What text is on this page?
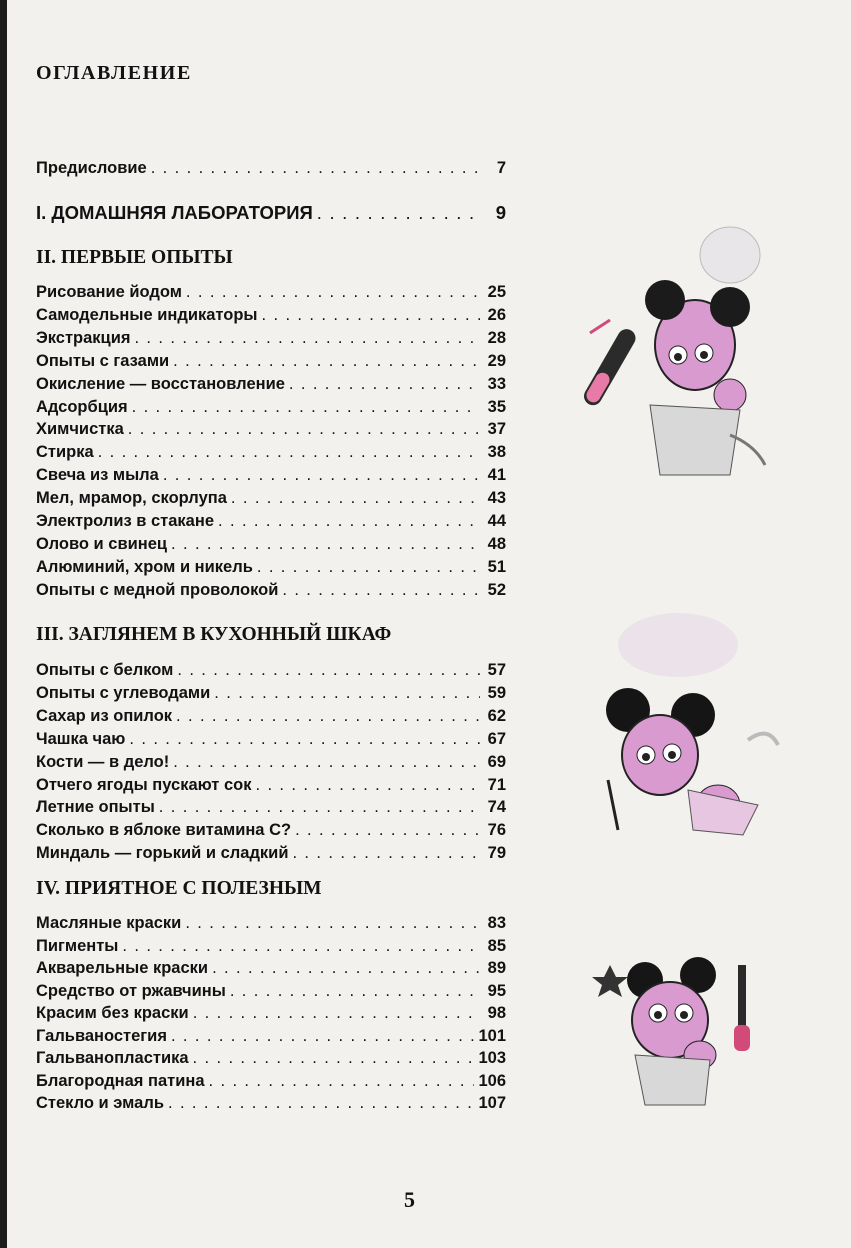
ОГЛАВЛЕНИЕ
Предисловие . . .	7
I. ДОМАШНЯЯ ЛАБОРАТОРИЯ . . .	9
II. ПЕРВЫЕ ОПЫТЫ
Рисование йодом . . .	25
Самодельные индикаторы . . .	26
Экстракция . . .	28
Опыты с газами . . .	29
Окисление — восстановление . . .	33
Адсорбция . . .	35
Химчистка . . .	37
Стирка . . .	38
Свеча из мыла . . .	41
Мел, мрамор, скорлупа . . .	43
Электролиз в стакане . . .	44
Олово и свинец . . .	48
Алюминий, хром и никель . . .	51
Опыты с медной проволокой . . .	52
III. ЗАГЛЯНЕМ В КУХОННЫЙ ШКАФ
Опыты с белком . . .	57
Опыты с углеводами . . .	59
Сахар из опилок . . .	62
Чашка чаю . . .	67
Кости — в дело! . . .	69
Отчего ягоды пускают сок . . .	71
Летние опыты . . .	74
Сколько в яблоке витамина С? . . .	76
Миндаль — горький и сладкий . . .	79
IV. ПРИЯТНОЕ С ПОЛЕЗНЫМ
Масляные краски . . .	83
Пигменты . . .	85
Акварельные краски . . .	89
Средство от ржавчины . . .	95
Красим без краски . . .	98
Гальваностегия . . .	101
Гальванопластика . . .	103
Благородная патина . . .	106
Стекло и эмаль . . .	107
5
